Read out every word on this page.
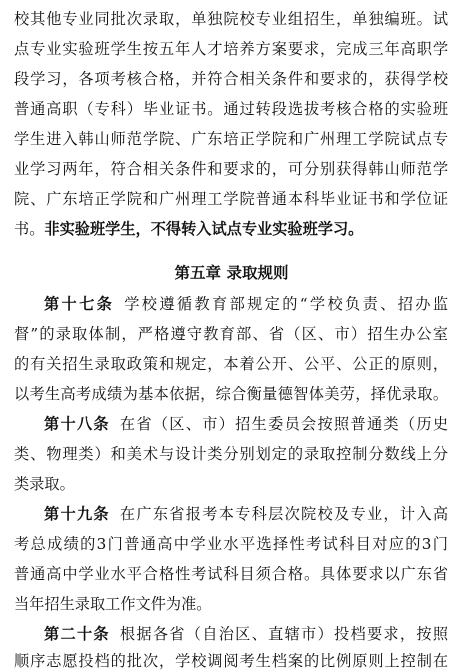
校其他专业同批次录取，单独院校专业组招生，单独编班。试
点专业实验班学生按五年人才培养方案要求，完成三年高职学
段学习，各项考核合格，并符合相关条件和要求的，获得学校
普通高职（专科）毕业证书。通过转段选拔考核合格的实验班
学生进入韩山师范学院、广东培正学院和广州理工学院试点专
业学习两年，符合相关条件和要求的，可分别获得韩山师范学
院、广东培正学院和广州理工学院普通本科毕业证书和学位证
书。非实验班学生，不得转入试点专业实验班学习。
第五章 录取规则
第十七条 学校遵循教育部规定的“学校负责、招办监
督”的录取体制，严格遵守教育部、省（区、市）招生办公室
的有关招生录取政策和规定，本着公开、公平、公正的原则，
以考生高考成绩为基本依据，综合衡量德智体美劳，择优录取。
第十八条 在省（区、市）招生委员会按照普通类（历史
类、物理类）和美术与设计类分别划定的录取控制分数线上分
类录取。
第十九条 在广东省报考本专科层次院校及专业，计入高
考总成绩的3门普通高中学业水平选择性考试科目对应的3门
普通高中学业水平合格性考试科目须合格。具体要求以广东省
当年招生录取工作文件为准。
第二十条 根据各省（自治区、直辖市）投档要求，按照
顺序志愿投档的批次，学校调阅考生档案的比例原则上控制在
